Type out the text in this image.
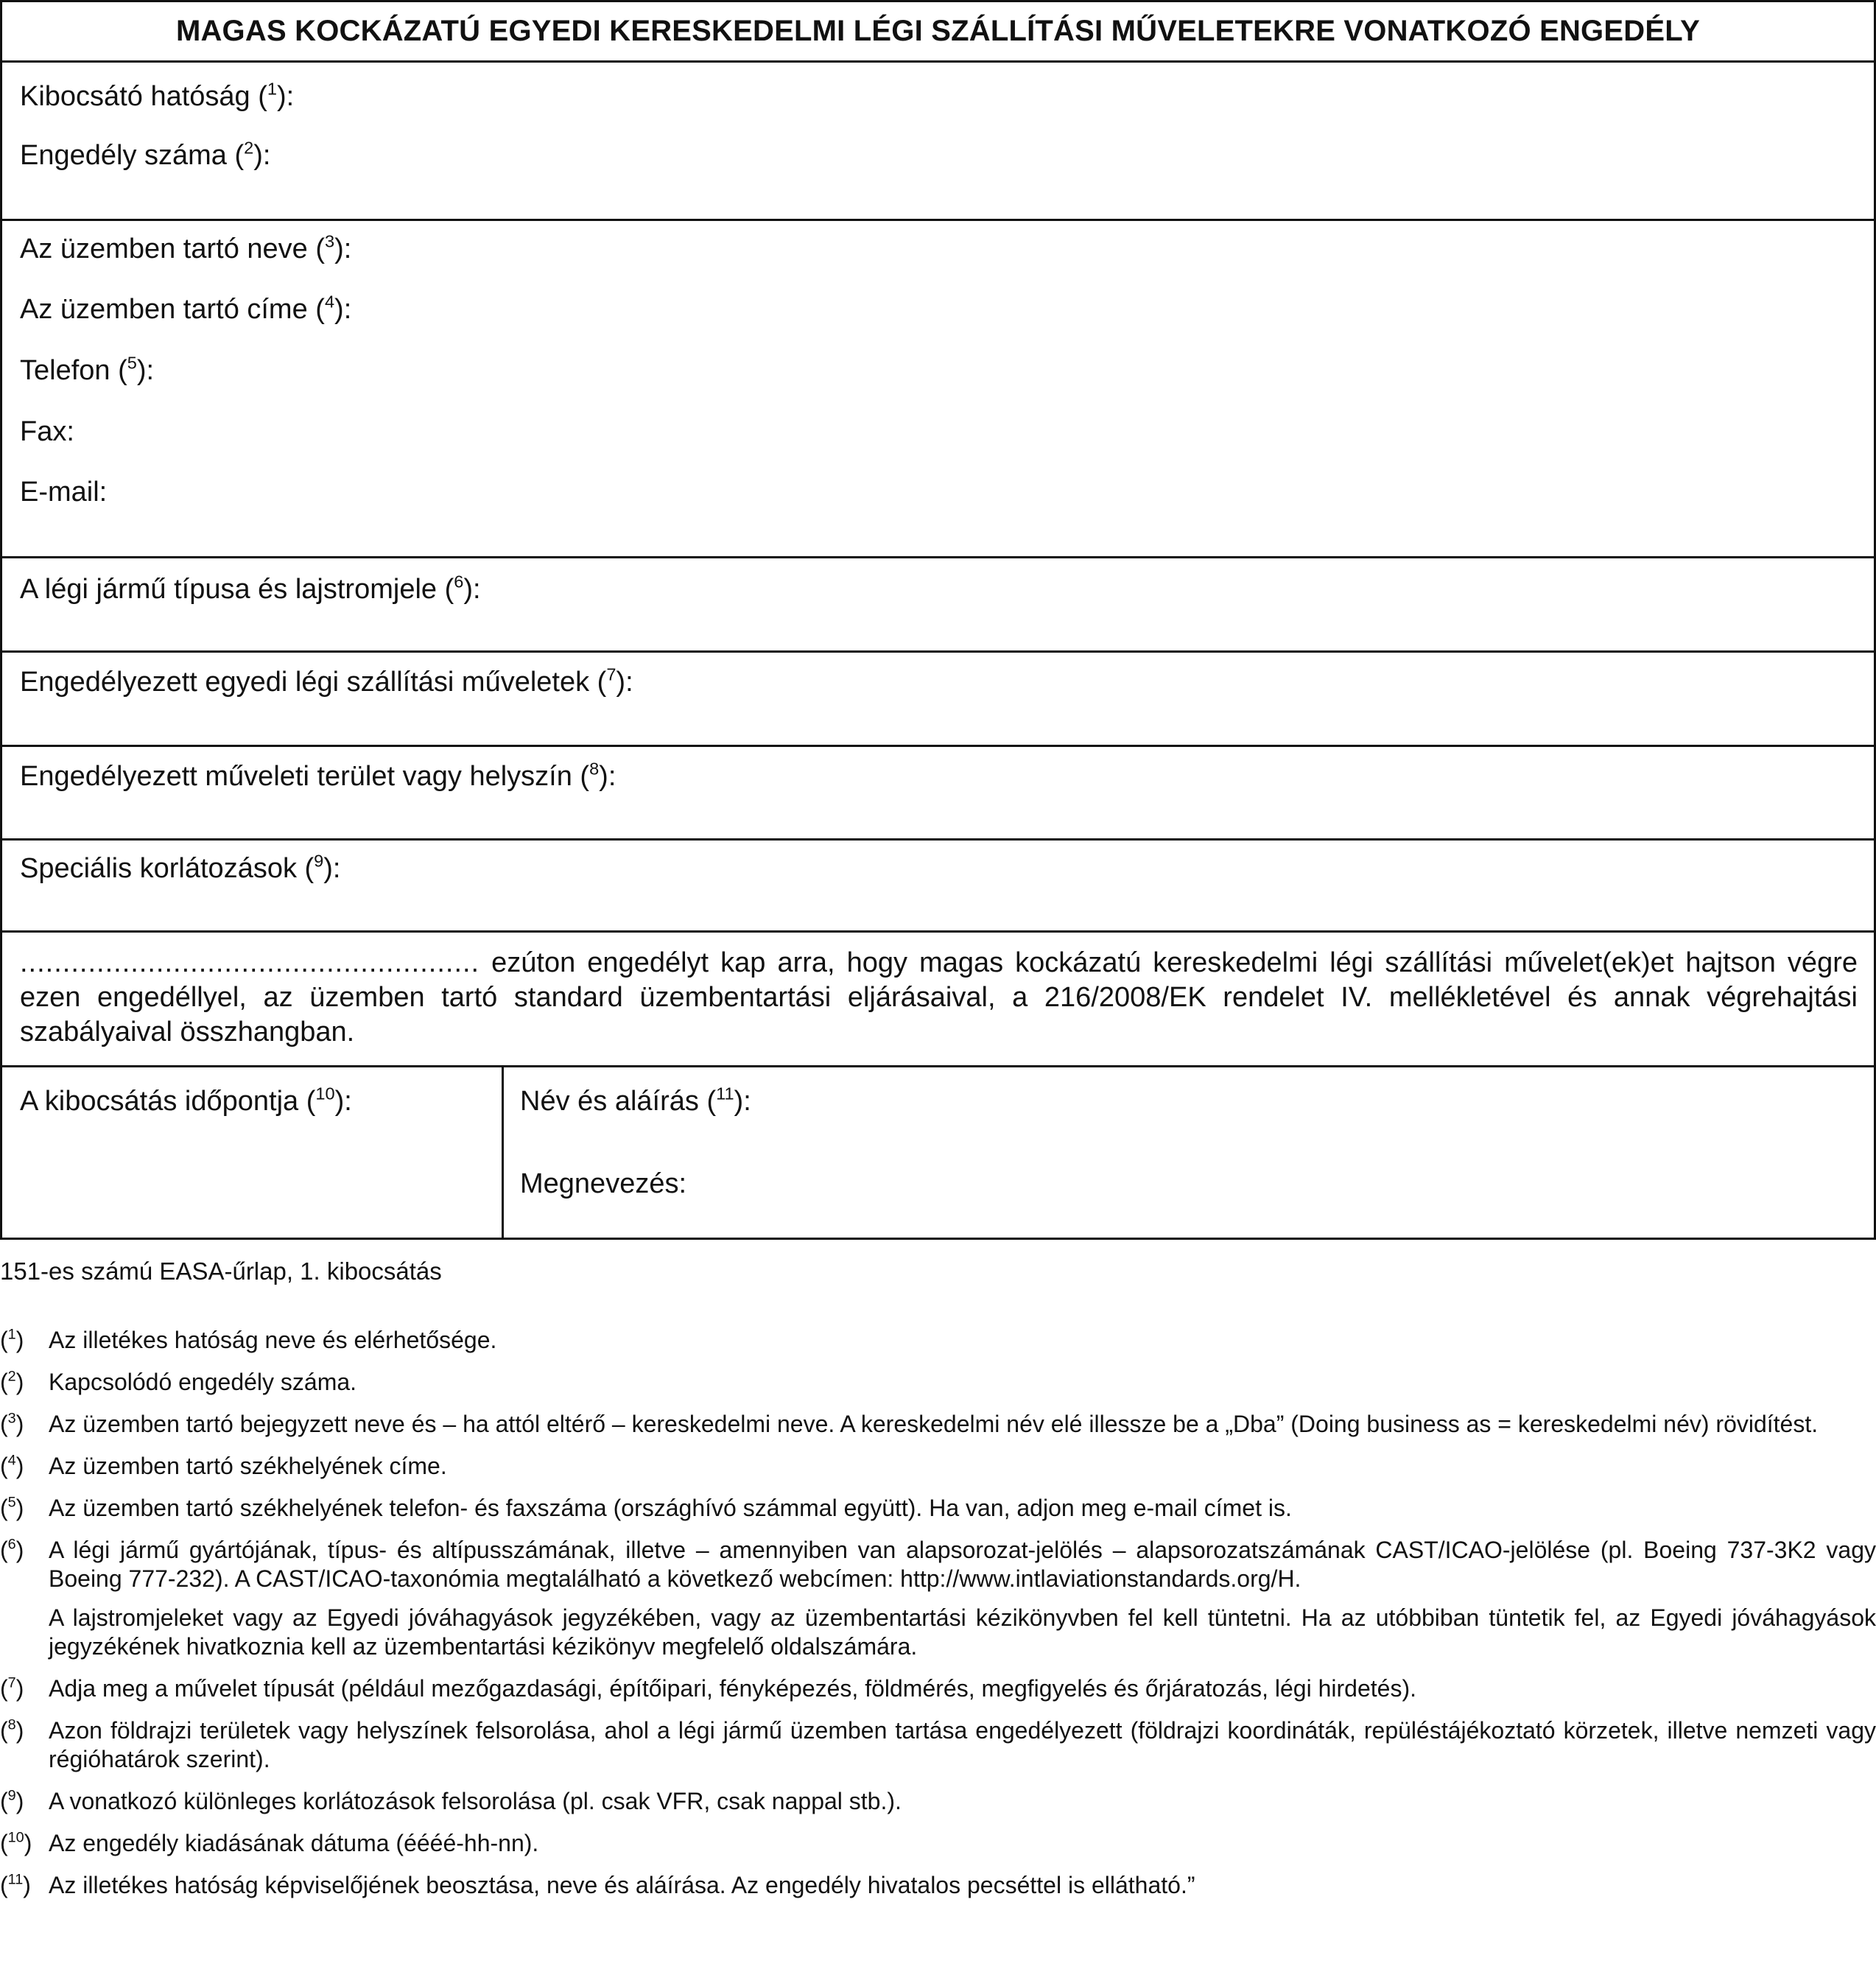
MAGAS KOCKÁZATÚ EGYEDI KERESKEDELMI LÉGI SZÁLLÍTÁSI MŰVELETEKRE VONATKOZÓ ENGEDÉLY
Kibocsátó hatóság ($^1$):
Engedély száma ($^2$):
Az üzemben tartó neve ($^3$):
Az üzemben tartó címe ($^4$):
Telefon ($^5$):
Fax:
E-mail:
A légi jármű típusa és lajstromjele ($^6$):
Engedélyezett egyedi légi szállítási műveletek ($^7$):
Engedélyezett műveleti terület vagy helyszín ($^8$):
Speciális korlátozások ($^9$):
...................................................... ezúton engedélyt kap arra, hogy magas kockázatú kereskedelmi légi szállítási művelet(ek)et hajtson végre ezen engedéllyel, az üzemben tartó standard üzembentartási eljárásaival, a 216/2008/EK rendelet IV. mellékletével és annak végrehajtási szabályaival összhangban.
A kibocsátás időpontja ($^{10}$):	Név és aláírás ($^{11}$):
Megnevezés:
151-es számú EASA-űrlap, 1. kibocsátás
($^1$)	Az illetékes hatóság neve és elérhetősége.
($^2$)	Kapcsolódó engedély száma.
($^3$)	Az üzemben tartó bejegyzett neve és – ha attól eltérő – kereskedelmi neve. A kereskedelmi név elé illessze be a „Dba” (Doing business as = kereskedelmi név) rövidítést.
($^4$)	Az üzemben tartó székhelyének címe.
($^5$)	Az üzemben tartó székhelyének telefon- és faxszáma (országhívó számmal együtt). Ha van, adjon meg e-mail címet is.
($^6$)	A légi jármű gyártójának, típus- és altípusszámának, illetve – amennyiben van alapsorozat-jelölés – alapsorozatszámának CAST/ICAO-jelölése (pl. Boeing 737-3K2 vagy Boeing 777-232). A CAST/ICAO-taxonómia megtalálható a következő webcímen: http://www.intlaviationstandards.org/H.
A lajstromjeleket vagy az Egyedi jóváhagyások jegyzékében, vagy az üzembentartási kézikönyvben fel kell tüntetni. Ha az utóbbiban tüntetik fel, az Egyedi jóváhagyások jegyzékének hivatkoznia kell az üzembentartási kézikönyv megfelelő oldalszámára.
($^7$)	Adja meg a művelet típusát (például mezőgazdasági, építőipari, fényképezés, földmérés, megfigyelés és őrjáratozás, légi hirdetés).
($^8$)	Azon földrajzi területek vagy helyszínek felsorolása, ahol a légi jármű üzemben tartása engedélyezett (földrajzi koordináták, repüléstájékoztató körzetek, illetve nemzeti vagy régióhatárok szerint).
($^9$)	A vonatkozó különleges korlátozások felsorolása (pl. csak VFR, csak nappal stb.).
($^{10}$) Az engedély kiadásának dátuma (éééé-hh-nn).
($^{11}$) Az illetékes hatóság képviselőjének beosztása, neve és aláírása. Az engedély hivatalos pecséttel is ellátható.”
